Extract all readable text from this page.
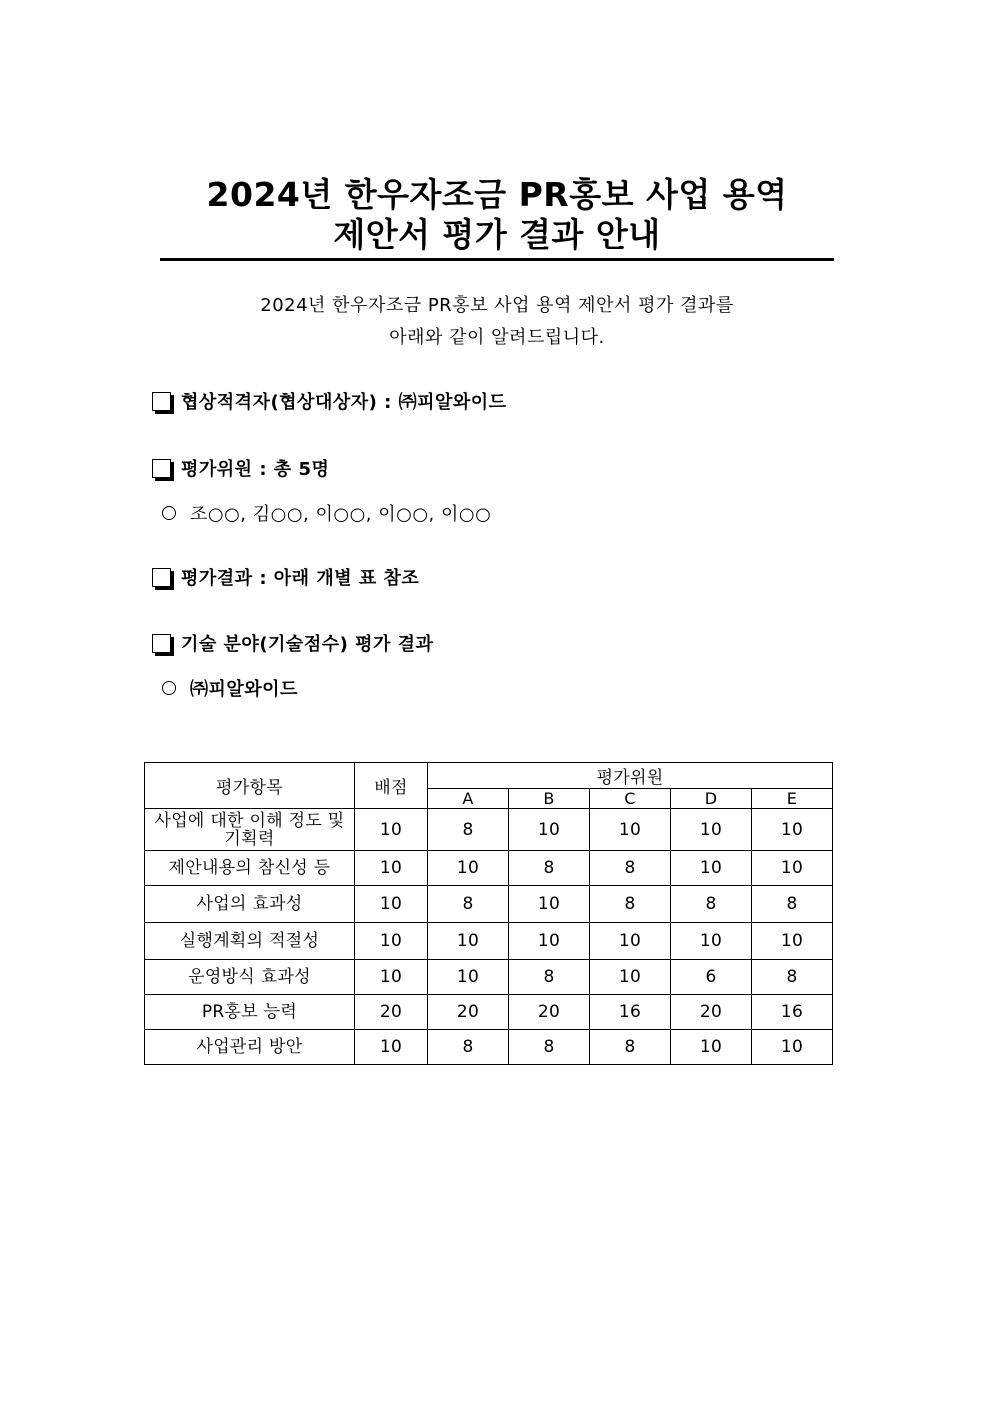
2024년 한우자조금 PR홍보 사업 용역
제안서 평가 결과 안내
2024년 한우자조금 PR홍보 사업 용역 제안서 평가 결과를
아래와 같이 알려드립니다.
협상적격자(협상대상자) : ㈜피알와이드
평가위원 : 총 5명
조○○, 김○○, 이○○, 이○○, 이○○
평가결과 : 아래 개별 표 참조
기술 분야(기술점수) 평가 결과
㈜피알와이드
평가항목	배점	평가위원				
		A	B	C	D	E
사업에 대한 이해 정도 및 기획력	10	8	10	10	10	10
제안내용의 참신성 등	10	10	8	8	10	10
사업의 효과성	10	8	10	8	8	8
실행계획의 적절성	10	10	10	10	10	10
운영방식 효과성	10	10	8	10	6	8
PR홍보 능력	20	20	20	16	20	16
사업관리 방안	10	8	8	8	10	10
